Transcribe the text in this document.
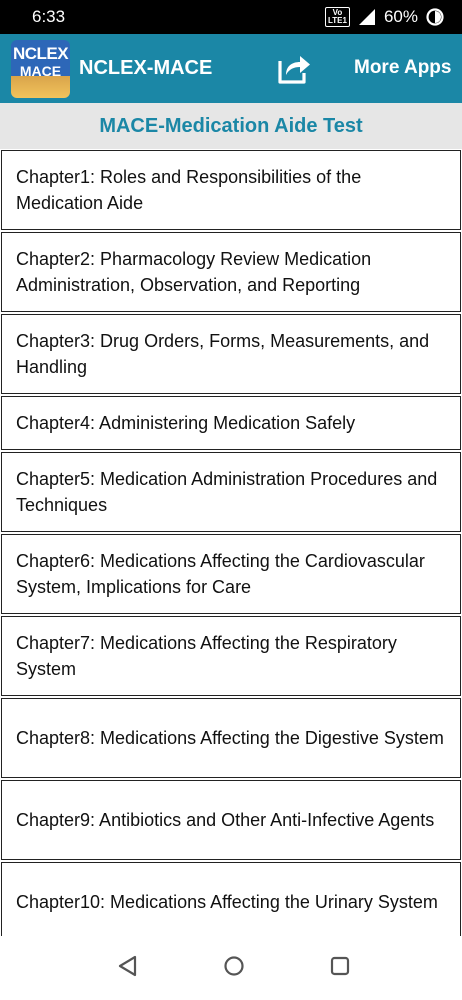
6:33	Vo
LTE1 60%
NCLEX
MACE NCLEX-MACE	More Apps
MACE-Medication Aide Test
Chapter1: Roles and Responsibilities of the Medication Aide
Chapter2: Pharmacology Review Medication Administration, Observation, and Reporting
Chapter3: Drug Orders, Forms, Measurements, and Handling
Chapter4: Administering Medication Safely
Chapter5: Medication Administration Procedures and Techniques
Chapter6: Medications Affecting the Cardiovascular System, Implications for Care
Chapter7: Medications Affecting the Respiratory System
Chapter8: Medications Affecting the Digestive System
Chapter9: Antibiotics and Other Anti-Infective Agents
Chapter10: Medications Affecting the Urinary System
